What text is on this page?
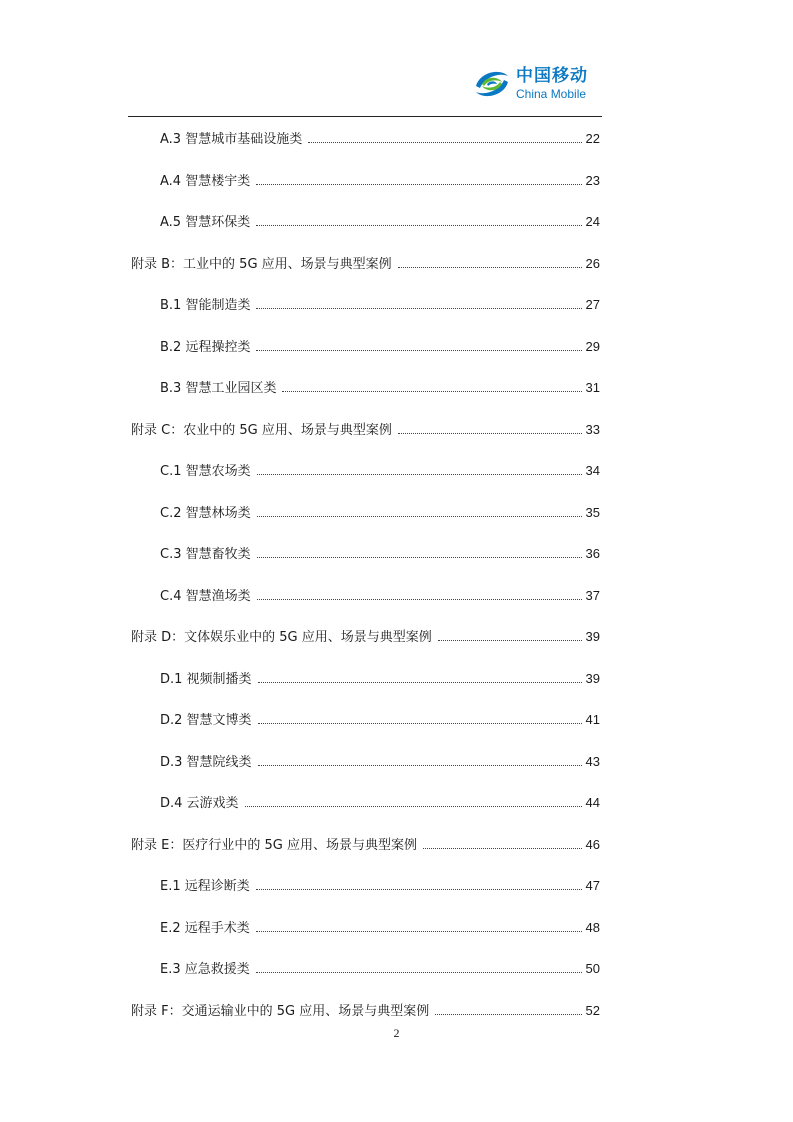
中国移动
China Mobile
A.3 智慧城市基础设施类	22
A.4 智慧楼宇类	23
A.5 智慧环保类	24
附录 B：工业中的 5G 应用、场景与典型案例	26
B.1 智能制造类	27
B.2 远程操控类	29
B.3 智慧工业园区类	31
附录 C：农业中的 5G 应用、场景与典型案例	33
C.1 智慧农场类	34
C.2 智慧林场类	35
C.3 智慧畜牧类	36
C.4 智慧渔场类	37
附录 D：文体娱乐业中的 5G 应用、场景与典型案例	39
D.1 视频制播类	39
D.2 智慧文博类	41
D.3 智慧院线类	43
D.4 云游戏类	44
附录 E：医疗行业中的 5G 应用、场景与典型案例	46
E.1 远程诊断类	47
E.2 远程手术类	48
E.3 应急救援类	50
附录 F：交通运输业中的 5G 应用、场景与典型案例	52
2
